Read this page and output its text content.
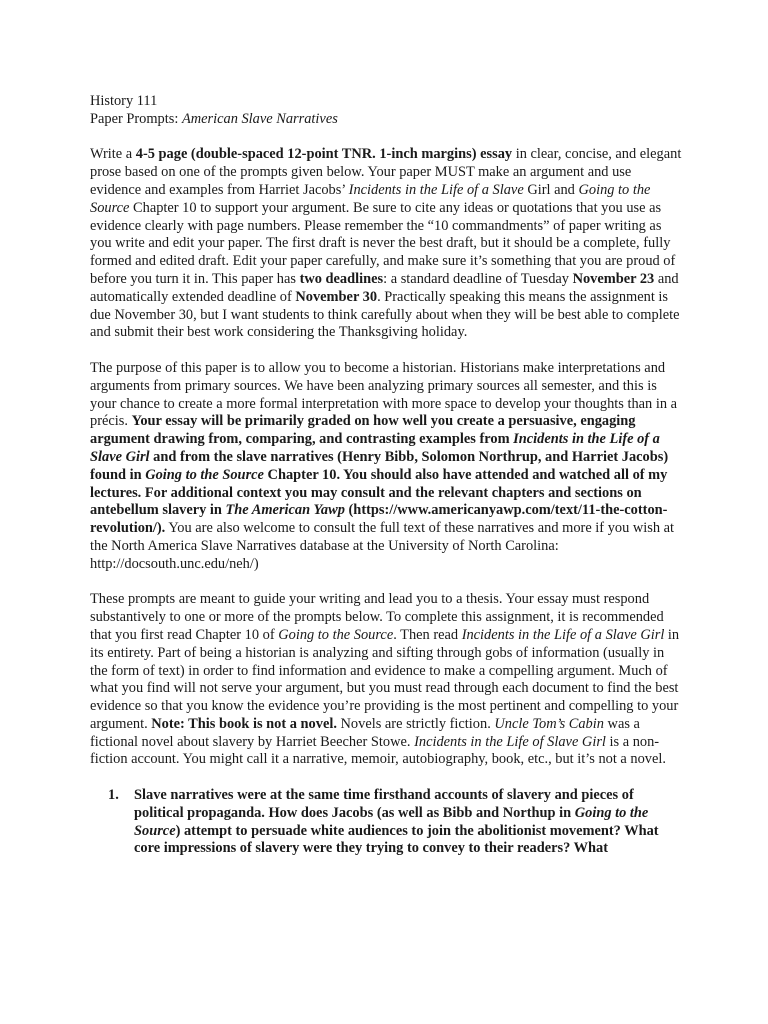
History 111
Paper Prompts: American Slave Narratives

Write a 4-5 page (double-spaced 12-point TNR. 1-inch margins) essay in clear, concise, and elegant prose based on one of the prompts given below. Your paper MUST make an argument and use evidence and examples from Harriet Jacobs’ Incidents in the Life of a Slave Girl and Going to the Source Chapter 10 to support your argument. Be sure to cite any ideas or quotations that you use as evidence clearly with page numbers. Please remember the “10 commandments” of paper writing as you write and edit your paper. The first draft is never the best draft, but it should be a complete, fully formed and edited draft. Edit your paper carefully, and make sure it’s something that you are proud of before you turn it in. This paper has two deadlines: a standard deadline of Tuesday November 23 and automatically extended deadline of November 30. Practically speaking this means the assignment is due November 30, but I want students to think carefully about when they will be best able to complete and submit their best work considering the Thanksgiving holiday.

The purpose of this paper is to allow you to become a historian. Historians make interpretations and arguments from primary sources. We have been analyzing primary sources all semester, and this is your chance to create a more formal interpretation with more space to develop your thoughts than in a précis. Your essay will be primarily graded on how well you create a persuasive, engaging argument drawing from, comparing, and contrasting examples from Incidents in the Life of a Slave Girl and from the slave narratives (Henry Bibb, Solomon Northrup, and Harriet Jacobs) found in Going to the Source Chapter 10. You should also have attended and watched all of my lectures. For additional context you may consult and the relevant chapters and sections on antebellum slavery in The American Yawp (https://www.americanyawp.com/text/11-the-cotton-revolution/). You are also welcome to consult the full text of these narratives and more if you wish at the North America Slave Narratives database at the University of North Carolina: http://docsouth.unc.edu/neh/)

These prompts are meant to guide your writing and lead you to a thesis. Your essay must respond substantively to one or more of the prompts below. To complete this assignment, it is recommended that you first read Chapter 10 of Going to the Source. Then read Incidents in the Life of a Slave Girl in its entirety. Part of being a historian is analyzing and sifting through gobs of information (usually in the form of text) in order to find information and evidence to make a compelling argument. Much of what you find will not serve your argument, but you must read through each document to find the best evidence so that you know the evidence you’re providing is the most pertinent and compelling to your argument. Note: This book is not a novel. Novels are strictly fiction. Uncle Tom’s Cabin was a fictional novel about slavery by Harriet Beecher Stowe. Incidents in the Life of Slave Girl is a non-fiction account. You might call it a narrative, memoir, autobiography, book, etc., but it’s not a novel.

1. Slave narratives were at the same time firsthand accounts of slavery and pieces of political propaganda. How does Jacobs (as well as Bibb and Northup in Going to the Source) attempt to persuade white audiences to join the abolitionist movement? What core impressions of slavery were they trying to convey to their readers? What
